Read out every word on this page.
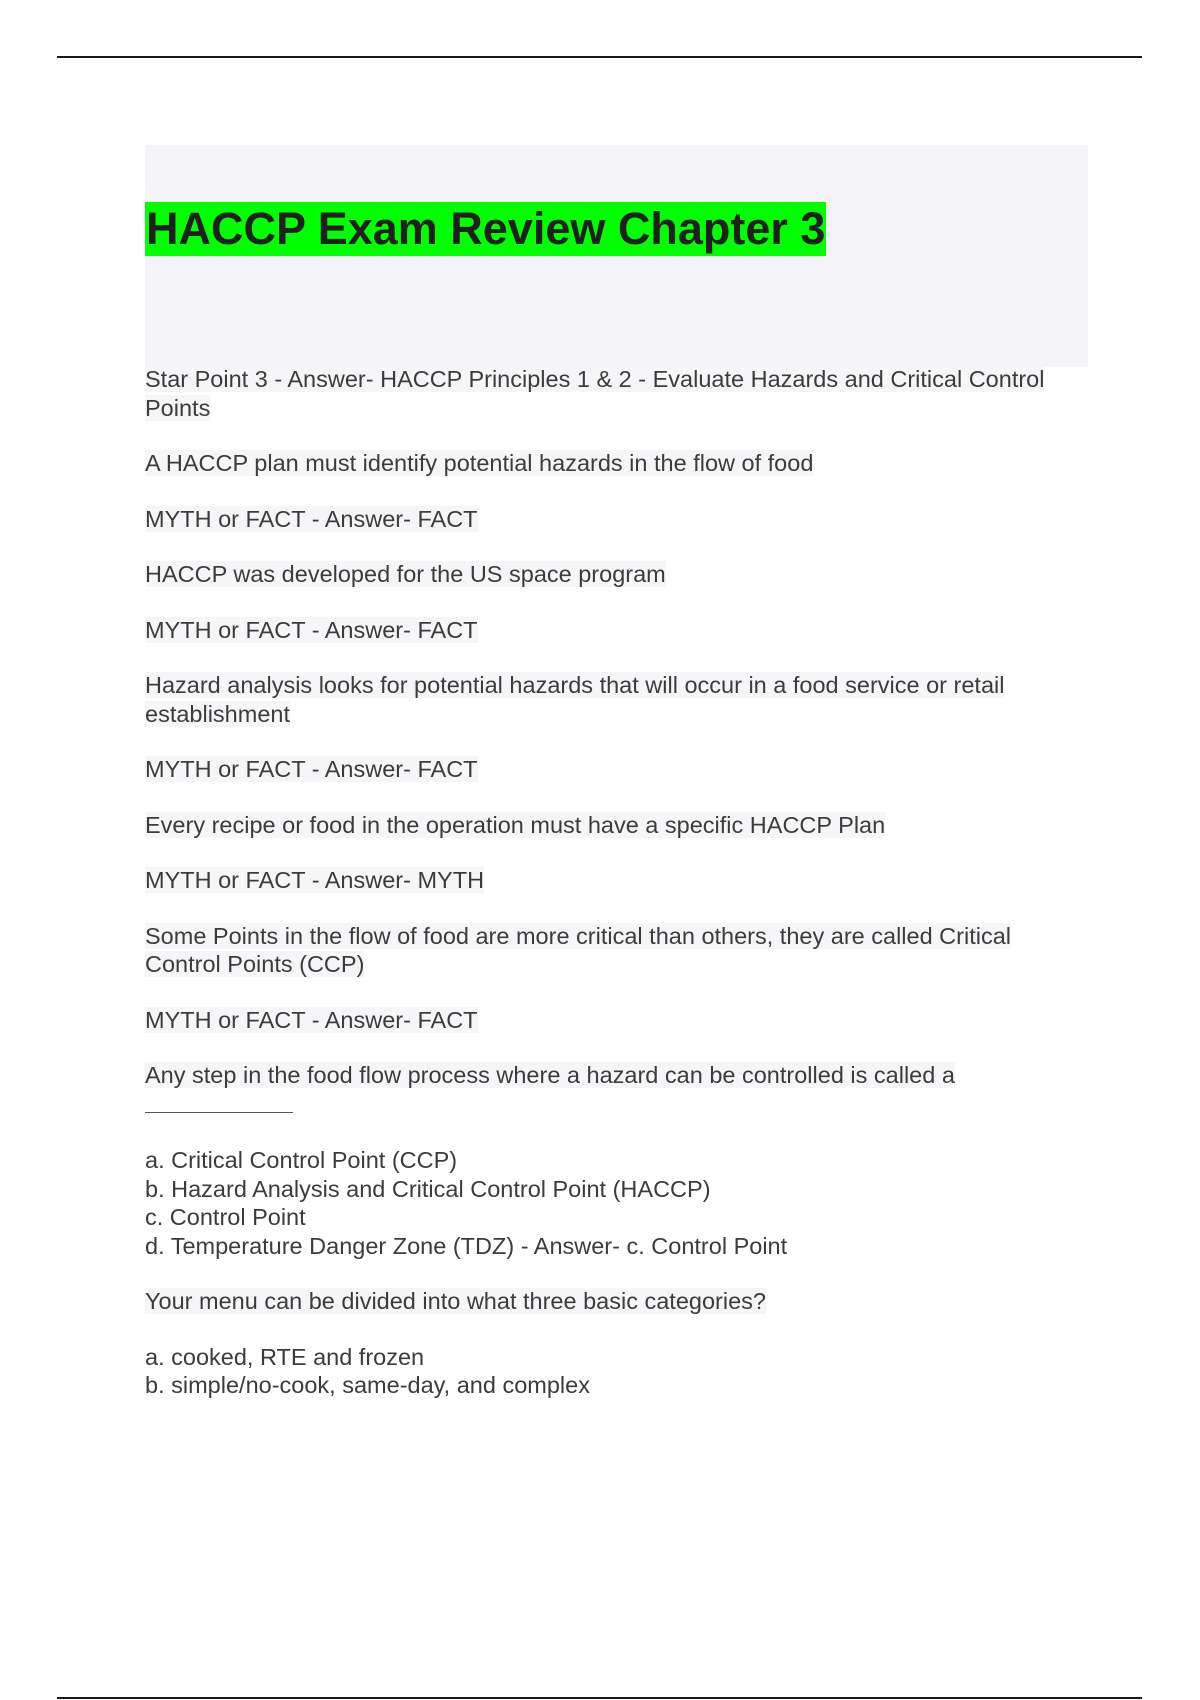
HACCP Exam Review Chapter 3

Star Point 3 - Answer- HACCP Principles 1 & 2 - Evaluate Hazards and Critical Control Points

A HACCP plan must identify potential hazards in the flow of food

MYTH or FACT - Answer- FACT

HACCP was developed for the US space program

MYTH or FACT - Answer- FACT

Hazard analysis looks for potential hazards that will occur in a food service or retail establishment

MYTH or FACT - Answer- FACT

Every recipe or food in the operation must have a specific HACCP Plan

MYTH or FACT - Answer- MYTH

Some Points in the flow of food are more critical than others, they are called Critical Control Points (CCP)

MYTH or FACT - Answer- FACT

Any step in the food flow process where a hazard can be controlled is called a

a. Critical Control Point (CCP)
b. Hazard Analysis and Critical Control Point (HACCP)
c. Control Point
d. Temperature Danger Zone (TDZ) - Answer- c. Control Point

Your menu can be divided into what three basic categories?

a. cooked, RTE and frozen
b. simple/no-cook, same-day, and complex
